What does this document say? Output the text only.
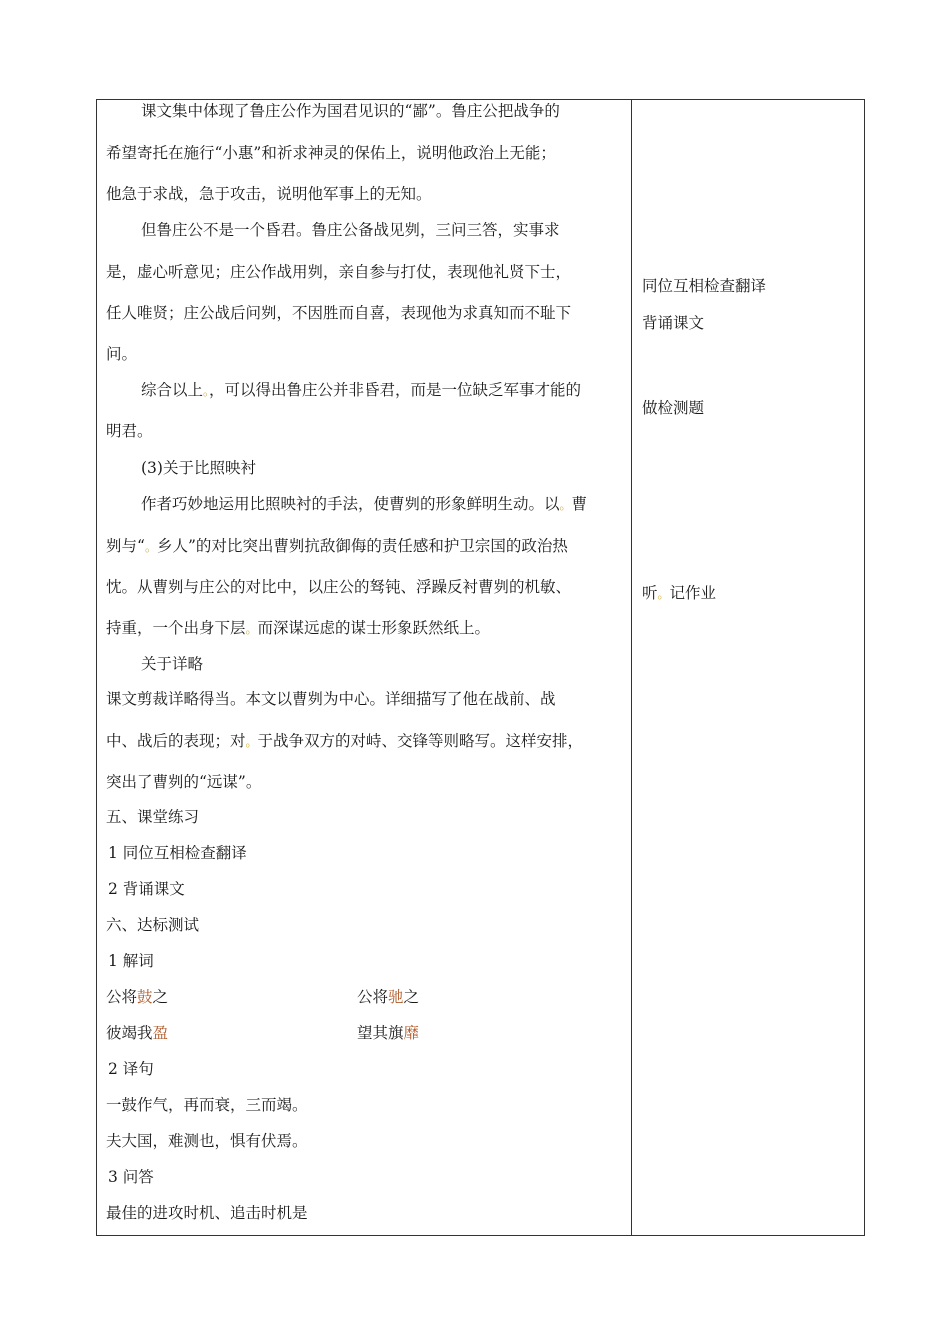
课文集中体现了鲁庄公作为国君见识的“鄙”。鲁庄公把战争的
希望寄托在施行“小惠”和祈求神灵的保佑上，说明他政治上无能；
他急于求战，急于攻击，说明他军事上的无知。
但鲁庄公不是一个昏君。鲁庄公备战见刿，三问三答，实事求
是，虚心听意见；庄公作战用刿，亲自参与打仗，表现他礼贤下士，
任人唯贤；庄公战后问刿，不因胜而自喜，表现他为求真知而不耻下
问。
综合以上。，可以得出鲁庄公并非昏君，而是一位缺乏军事才能的
明君。
(3)关于比照映衬
作者巧妙地运用比照映衬的手法，使曹刿的形象鲜明生动。以。曹
刿与“。乡人”的对比突出曹刿抗敌御侮的责任感和护卫宗国的政治热
忱。从曹刿与庄公的对比中，以庄公的驽钝、浮躁反衬曹刿的机敏、
持重，一个出身下层。而深谋远虑的谋士形象跃然纸上。
关于详略
课文剪裁详略得当。本文以曹刿为中心。详细描写了他在战前、战
中、战后的表现；对。于战争双方的对峙、交锋等则略写。这样安排，
突出了曹刿的“远谋”。
五、课堂练习
1 同位互相检查翻译
2 背诵课文
六、达标测试
1 解词
公将鼓之	公将驰之
彼竭我盈	望其旗靡
2 译句
一鼓作气，再而衰，三而竭。
夫大国，难测也，惧有伏焉。
3 问答
最佳的进攻时机、追击时机是
同位互相检查翻译
背诵课文
做检测题
听。记作业
